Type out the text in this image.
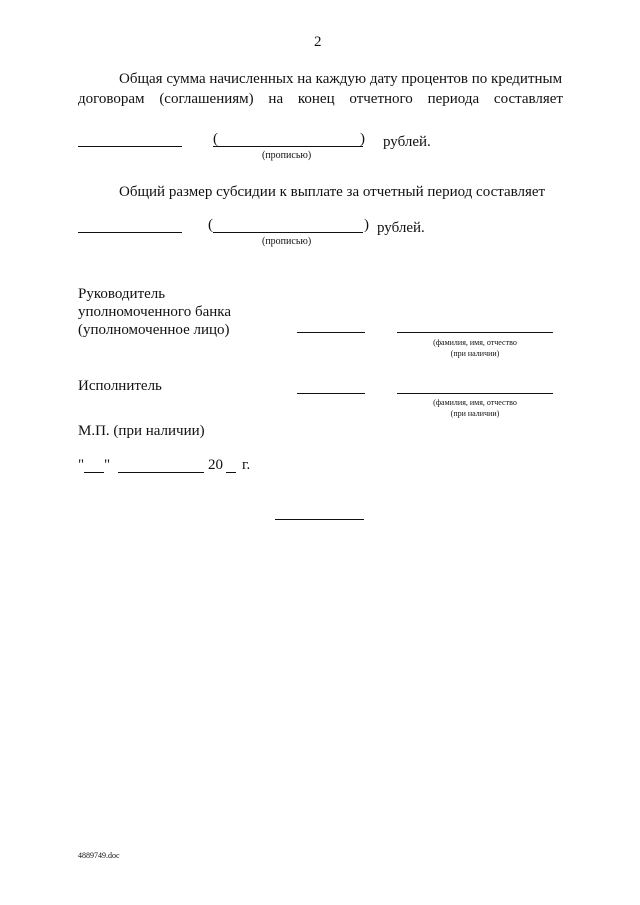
2
Общая сумма начисленных на каждую дату процентов по кредитным
договорам (соглашениям) на конец отчетного периода составляет
(	) рублей.
(прописью)
Общий размер субсидии к выплате за отчетный период составляет
(	) рублей.
(прописью)
Руководитель
уполномоченного банка
(уполномоченное лицо)
(фамилия, имя, отчество
(при наличии)
Исполнитель
(фамилия, имя, отчество
(при наличии)
М.П. (при наличии)
" "	20 г.
4889749.doc
